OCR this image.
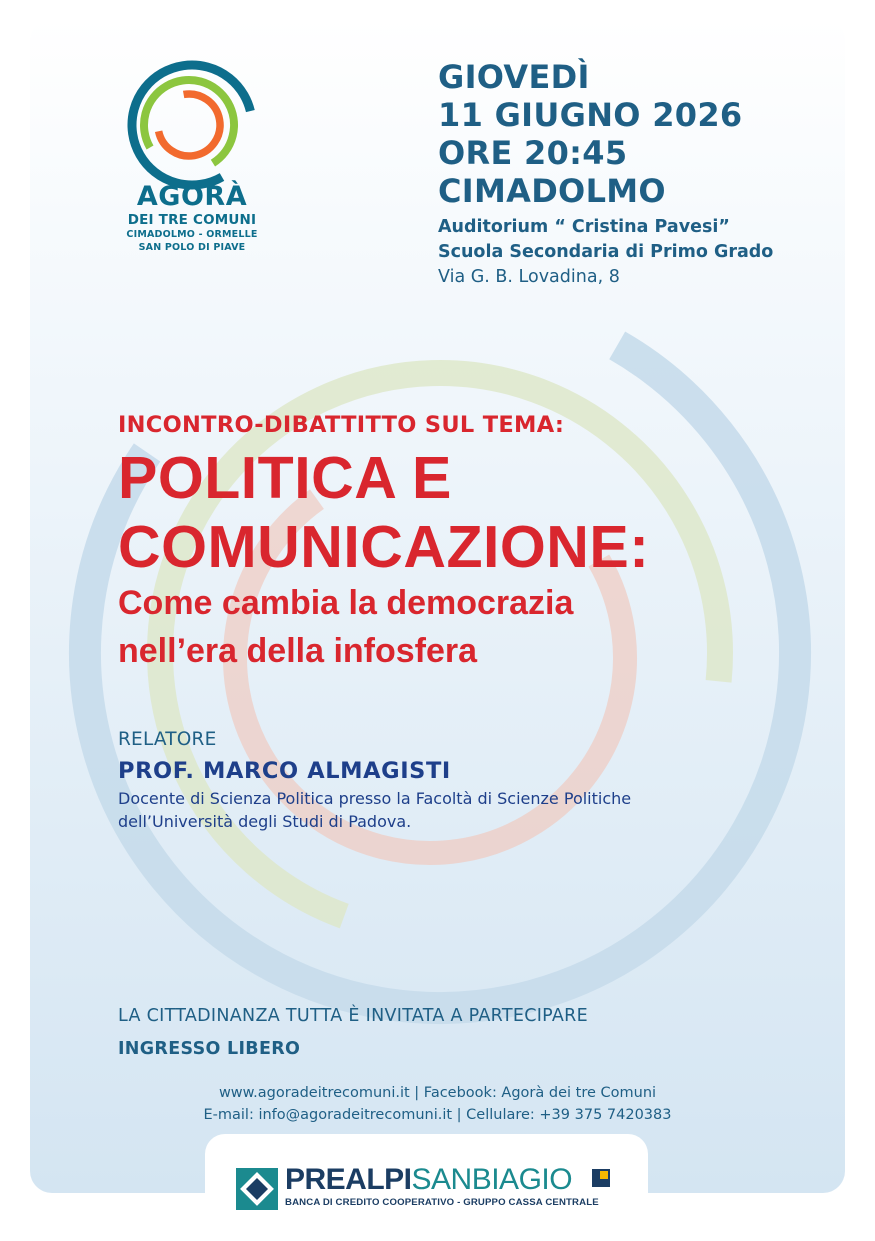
AGORÀ
DEI TRE COMUNI
CIMADOLMO - ORMELLE
SAN POLO DI PIAVE
GIOVEDÌ
11 GIUGNO 2026
ORE 20:45
CIMADOLMO
Auditorium “ Cristina Pavesi”
Scuola Secondaria di Primo Grado
Via G. B. Lovadina, 8
INCONTRO-DIBATTITTO SUL TEMA:
POLITICA E
COMUNICAZIONE:
Come cambia la democrazia
nell’era della infosfera
RELATORE
PROF. MARCO ALMAGISTI
Docente di Scienza Politica presso la Facoltà di Scienze Politiche
dell’Università degli Studi di Padova.
LA CITTADINANZA TUTTA È INVITATA A PARTECIPARE
INGRESSO LIBERO
www.agoradeitrecomuni.it | Facebook: Agorà dei tre Comuni
E-mail: info@agoradeitrecomuni.it | Cellulare: +39 375 7420383
PREALPISANBIAGIO
BANCA DI CREDITO COOPERATIVO - GRUPPO CASSA CENTRALE
